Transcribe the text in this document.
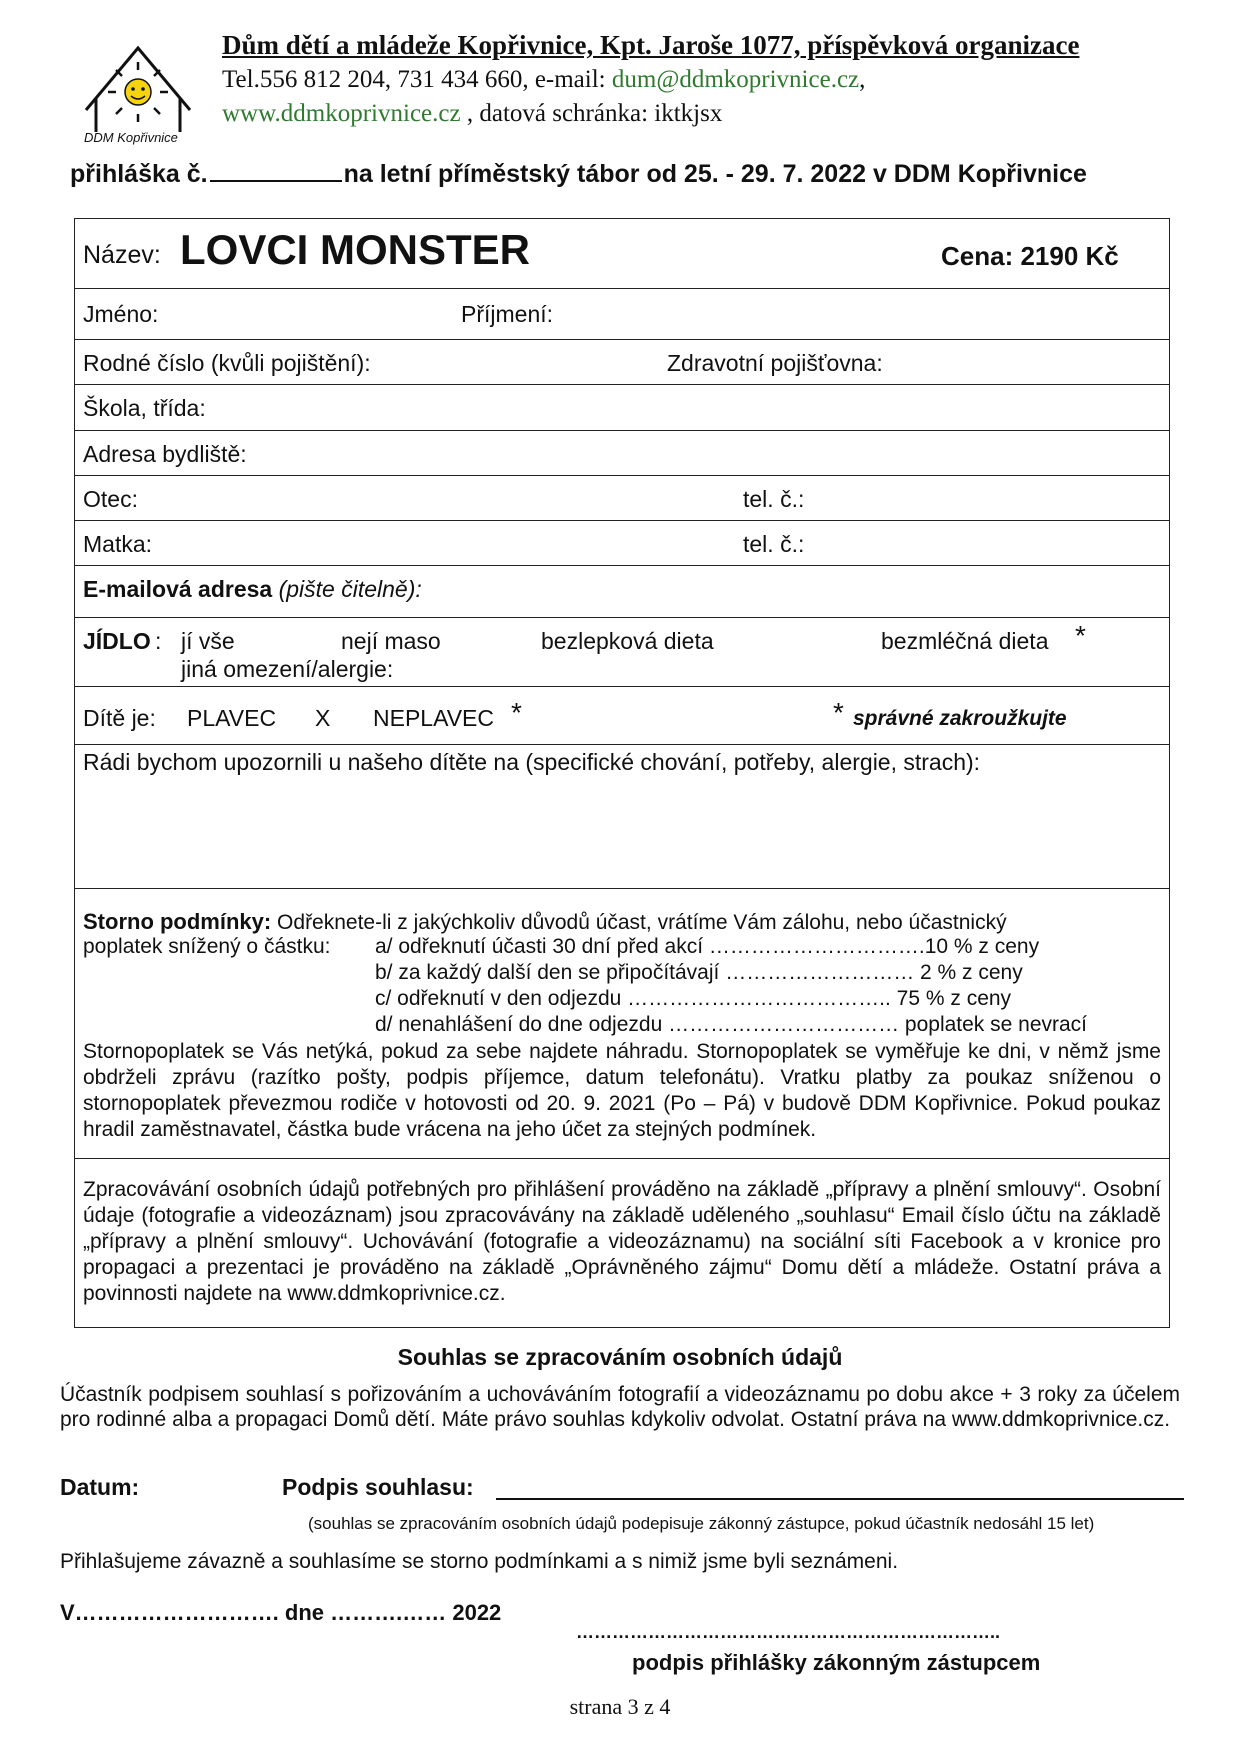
DDM Kopřivnice
Dům dětí a mládeže Kopřivnice, Kpt. Jaroše 1077, příspěvková organizace
Tel.556 812 204, 731 434 660, e-mail: dum@ddmkoprivnice.cz,
www.ddmkoprivnice.cz , datová schránka: iktkjsx
přihláška č.	na letní příměstský tábor od 25. - 29. 7. 2022 v DDM Kopřivnice
Název: LOVCI MONSTER	Cena: 2190 Kč
Jméno:	Příjmení:
Rodné číslo (kvůli pojištění):	Zdravotní pojišťovna:
Škola, třída:
Adresa bydliště:
Otec:	tel. č.:
Matka:	tel. č.:
E-mailová adresa (pište čitelně):
JÍDLO : jí vše	nejí maso	bezlepková dieta	bezmléčná dieta *
jiná omezení/alergie:
Dítě je: PLAVEC X NEPLAVEC *	* správné zakroužkujte
Rádi bychom upozornili u našeho dítěte na (specifické chování, potřeby, alergie, strach):
Storno podmínky: Odřeknete-li z jakýchkoliv důvodů účast, vrátíme Vám zálohu, nebo účastnický
poplatek snížený o částku: a/ odřeknutí účasti 30 dní před akcí ………………………….10 % z ceny
b/ za každý další den se připočítávají ……………………… 2 % z ceny
c/ odřeknutí v den odjezdu ……………………………….. 75 % z ceny
d/ nenahlášení do dne odjezdu …………………………… poplatek se nevrací
Stornopoplatek se Vás netýká, pokud za sebe najdete náhradu. Stornopoplatek se vyměřuje ke dni, v němž jsme obdrželi zprávu (razítko pošty, podpis příjemce, datum telefonátu). Vratku platby za poukaz sníženou o stornopoplatek převezmou rodiče v hotovosti od 20. 9. 2021 (Po – Pá) v budově DDM Kopřivnice. Pokud poukaz hradil zaměstnavatel, částka bude vrácena na jeho účet za stejných podmínek.
Zpracovávání osobních údajů potřebných pro přihlášení prováděno na základě „přípravy a plnění smlouvy“. Osobní údaje (fotografie a videozáznam) jsou zpracovávány na základě uděleného „souhlasu“ Email číslo účtu na základě „přípravy a plnění smlouvy“. Uchovávání (fotografie a videozáznamu) na sociální síti Facebook a v kronice pro propagaci a prezentaci je prováděno na základě „Oprávněného zájmu“ Domu dětí a mládeže. Ostatní práva a povinnosti najdete na www.ddmkoprivnice.cz.
Souhlas se zpracováním osobních údajů
Účastník podpisem souhlasí s pořizováním a uchováváním fotografií a videozáznamu po dobu akce + 3 roky za účelem pro rodinné alba a propagaci Domů dětí. Máte právo souhlas kdykoliv odvolat. Ostatní práva na www.ddmkoprivnice.cz.
Datum:	Podpis souhlasu:
(souhlas se zpracováním osobních údajů podepisuje zákonný zástupce, pokud účastník nedosáhl 15 let)
Přihlašujeme závazně a souhlasíme se storno podmínkami a s nimiž jsme byli seznámeni.
V………………………. dne ……….…… 2022
……………………………………………………………..
podpis přihlášky zákonným zástupcem
strana 3 z 4
